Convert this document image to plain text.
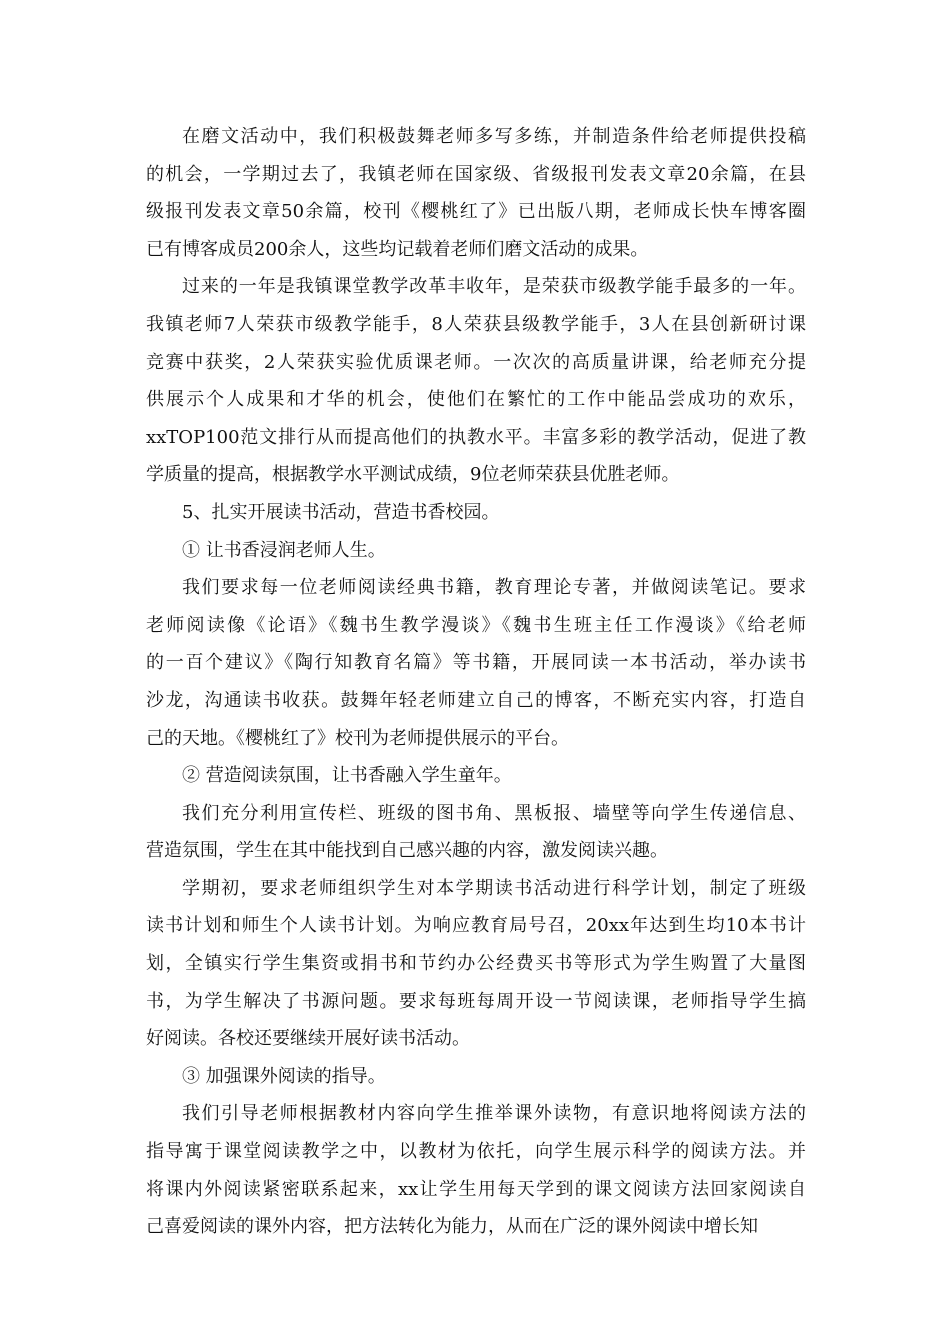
在磨文活动中，我们积极鼓舞老师多写多练，并制造条件给老师提供投稿
的机会，一学期过去了，我镇老师在国家级、省级报刊发表文章20余篇，在县
级报刊发表文章50余篇，校刊《樱桃红了》已出版八期，老师成长快车博客圈
已有博客成员200余人，这些均记载着老师们磨文活动的成果。

过来的一年是我镇课堂教学改革丰收年，是荣获市级教学能手最多的一年。
我镇老师7人荣获市级教学能手，8人荣获县级教学能手，3人在县创新研讨课
竞赛中获奖，2人荣获实验优质课老师。一次次的高质量讲课，给老师充分提
供展示个人成果和才华的机会，使他们在繁忙的工作中能品尝成功的欢乐，
xxTOP100范文排行从而提高他们的执教水平。丰富多彩的教学活动，促进了教
学质量的提高，根据教学水平测试成绩，9位老师荣获县优胜老师。

5、扎实开展读书活动，营造书香校园。

① 让书香浸润老师人生。

我们要求每一位老师阅读经典书籍，教育理论专著，并做阅读笔记。要求
老师阅读像《论语》《魏书生教学漫谈》《魏书生班主任工作漫谈》《给老师
的一百个建议》《陶行知教育名篇》等书籍，开展同读一本书活动，举办读书
沙龙，沟通读书收获。鼓舞年轻老师建立自己的博客，不断充实内容，打造自
己的天地。《樱桃红了》校刊为老师提供展示的平台。

② 营造阅读氛围，让书香融入学生童年。

我们充分利用宣传栏、班级的图书角、黑板报、墙壁等向学生传递信息、
营造氛围，学生在其中能找到自己感兴趣的内容，激发阅读兴趣。

学期初，要求老师组织学生对本学期读书活动进行科学计划，制定了班级
读书计划和师生个人读书计划。为响应教育局号召，20xx年达到生均10本书计
划，全镇实行学生集资或捐书和节约办公经费买书等形式为学生购置了大量图
书，为学生解决了书源问题。要求每班每周开设一节阅读课，老师指导学生搞
好阅读。各校还要继续开展好读书活动。

③ 加强课外阅读的指导。

我们引导老师根据教材内容向学生推举课外读物，有意识地将阅读方法的
指导寓于课堂阅读教学之中，以教材为依托，向学生展示科学的阅读方法。并
将课内外阅读紧密联系起来，xx让学生用每天学到的课文阅读方法回家阅读自
己喜爱阅读的课外内容，把方法转化为能力，从而在广泛的课外阅读中增长知
